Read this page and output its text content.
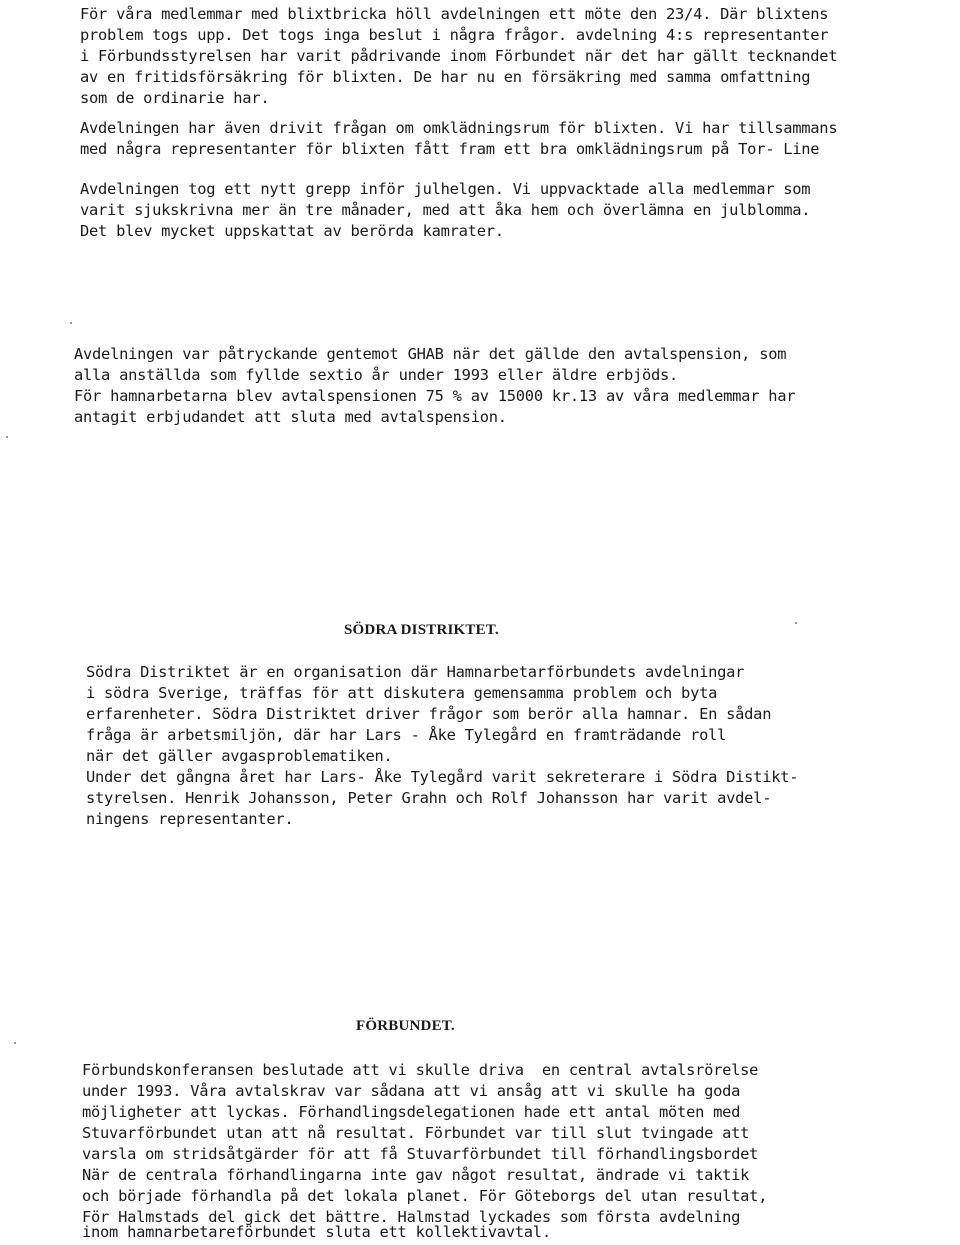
För våra medlemmar med blixtbricka höll avdelningen ett möte den 23/4. Där blixtens
problem togs upp. Det togs inga beslut i några frågor. avdelning 4:s representanter
i Förbundsstyrelsen har varit pådrivande inom Förbundet när det har gällt tecknandet
av en fritidsförsäkring för blixten. De har nu en försäkring med samma omfattning
som de ordinarie har.
Avdelningen har även drivit frågan om omklädningsrum för blixten. Vi har tillsammans
med några representanter för blixten fått fram ett bra omklädningsrum på Tor- Line
Avdelningen tog ett nytt grepp inför julhelgen. Vi uppvacktade alla medlemmar som
varit sjukskrivna mer än tre månader, med att åka hem och överlämna en julblomma.
Det blev mycket uppskattat av berörda kamrater.
Avdelningen var påtryckande gentemot GHAB när det gällde den avtalspension, som
alla anställda som fyllde sextio år under 1993 eller äldre erbjöds.
För hamnarbetarna blev avtalspensionen 75 % av 15000 kr.13 av våra medlemmar har
antagit erbjudandet att sluta med avtalspension.
SÖDRA DISTRIKTET.
Södra Distriktet är en organisation där Hamnarbetarförbundets avdelningar
i södra Sverige, träffas för att diskutera gemensamma problem och byta
erfarenheter. Södra Distriktet driver frågor som berör alla hamnar. En sådan
fråga är arbetsmiljön, där har Lars - Åke Tylegård en framträdande roll
när det gäller avgasproblematiken.
Under det gångna året har Lars- Åke Tylegård varit sekreterare i Södra Distikt-
styrelsen. Henrik Johansson, Peter Grahn och Rolf Johansson har varit avdel-
ningens representanter.
FÖRBUNDET.
Förbundskonferansen beslutade att vi skulle driva  en central avtalsrörelse
under 1993. Våra avtalskrav var sådana att vi ansåg att vi skulle ha goda
möjligheter att lyckas. Förhandlingsdelegationen hade ett antal möten med
Stuvarförbundet utan att nå resultat. Förbundet var till slut tvingade att
varsla om stridsåtgärder för att få Stuvarförbundet till förhandlingsbordet
När de centrala förhandlingarna inte gav något resultat, ändrade vi taktik
och började förhandla på det lokala planet. För Göteborgs del utan resultat,
För Halmstads del gick det bättre. Halmstad lyckades som första avdelning
inom hamnarbetareförbundet sluta ett kollektivavtal.
